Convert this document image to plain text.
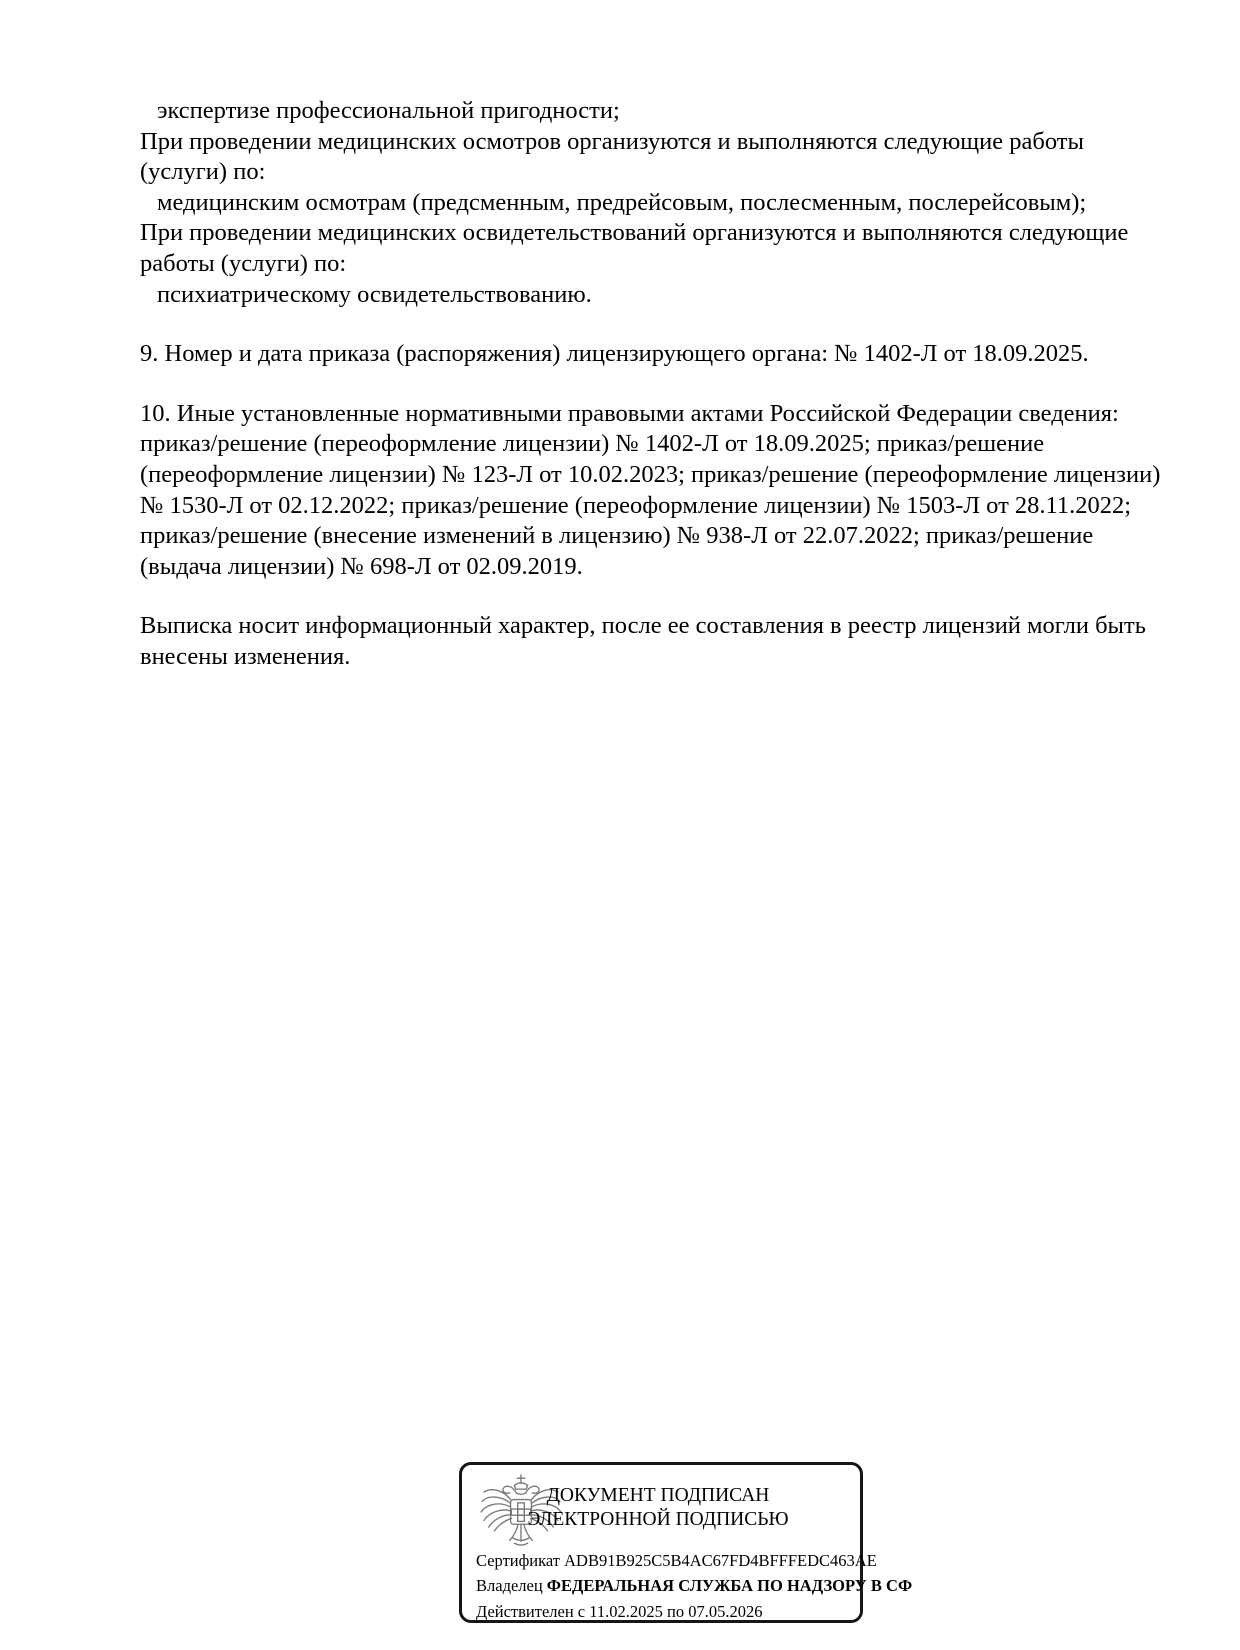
экспертизе профессиональной пригодности;
При проведении медицинских осмотров организуются и выполняются следующие работы
(услуги) по:
медицинским осмотрам (предсменным, предрейсовым, послесменным, послерейсовым);
При проведении медицинских освидетельствований организуются и выполняются следующие
работы (услуги) по:
психиатрическому освидетельствованию.
9. Номер и дата приказа (распоряжения) лицензирующего органа: № 1402-Л от 18.09.2025.
10. Иные установленные нормативными правовыми актами Российской Федерации сведения:
приказ/решение (переоформление лицензии) № 1402-Л от 18.09.2025; приказ/решение
(переоформление лицензии) № 123-Л от 10.02.2023; приказ/решение (переоформление лицензии)
№ 1530-Л от 02.12.2022; приказ/решение (переоформление лицензии) № 1503-Л от 28.11.2022;
приказ/решение (внесение изменений в лицензию) № 938-Л от 22.07.2022; приказ/решение
(выдача лицензии) № 698-Л от 02.09.2019.
Выписка носит информационный характер, после ее составления в реестр лицензий могли быть
внесены изменения.
ДОКУМЕНТ ПОДПИСАН
ЭЛЕКТРОННОЙ ПОДПИСЬЮ
Сертификат ADB91B925C5B4AC67FD4BFFFEDC463AE
Владелец ФЕДЕРАЛЬНАЯ СЛУЖБА ПО НАДЗОРУ В СФ
Действителен с 11.02.2025 по 07.05.2026
